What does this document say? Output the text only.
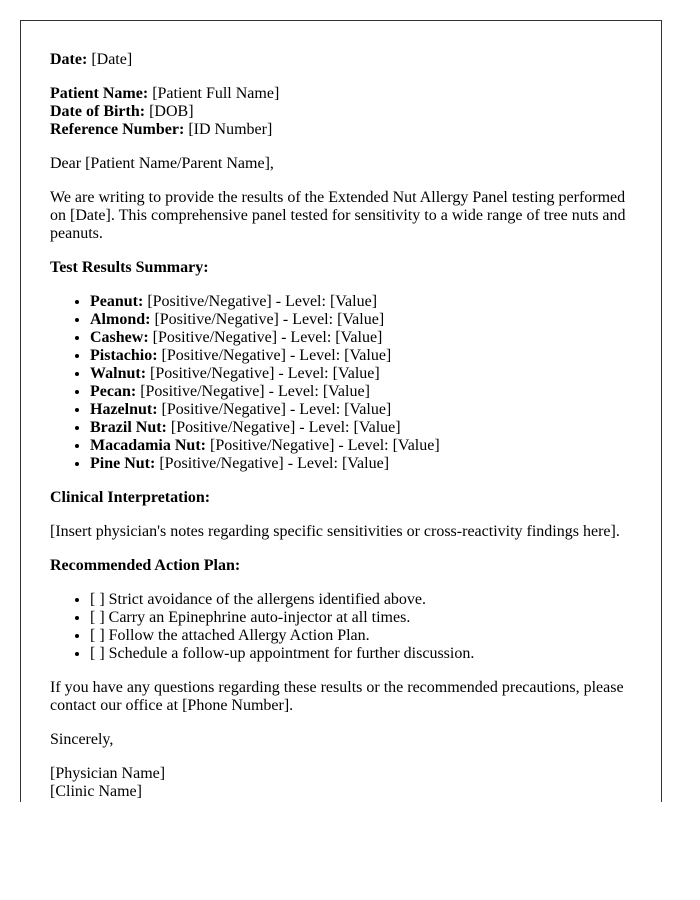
Date: [Date]

Patient Name: [Patient Full Name]
Date of Birth: [DOB]
Reference Number: [ID Number]

Dear [Patient Name/Parent Name],

We are writing to provide the results of the Extended Nut Allergy Panel testing performed on [Date]. This comprehensive panel tested for sensitivity to a wide range of tree nuts and peanuts.

Test Results Summary:
• Peanut: [Positive/Negative] - Level: [Value]
• Almond: [Positive/Negative] - Level: [Value]
• Cashew: [Positive/Negative] - Level: [Value]
• Pistachio: [Positive/Negative] - Level: [Value]
• Walnut: [Positive/Negative] - Level: [Value]
• Pecan: [Positive/Negative] - Level: [Value]
• Hazelnut: [Positive/Negative] - Level: [Value]
• Brazil Nut: [Positive/Negative] - Level: [Value]
• Macadamia Nut: [Positive/Negative] - Level: [Value]
• Pine Nut: [Positive/Negative] - Level: [Value]
Clinical Interpretation:

[Insert physician's notes regarding specific sensitivities or cross-reactivity findings here].

Recommended Action Plan:
• [ ] Strict avoidance of the allergens identified above.
• [ ] Carry an Epinephrine auto-injector at all times.
• [ ] Follow the attached Allergy Action Plan.
• [ ] Schedule a follow-up appointment for further discussion.

If you have any questions regarding these results or the recommended precautions, please contact our office at [Phone Number].

Sincerely,

[Physician Name]
[Clinic Name]
